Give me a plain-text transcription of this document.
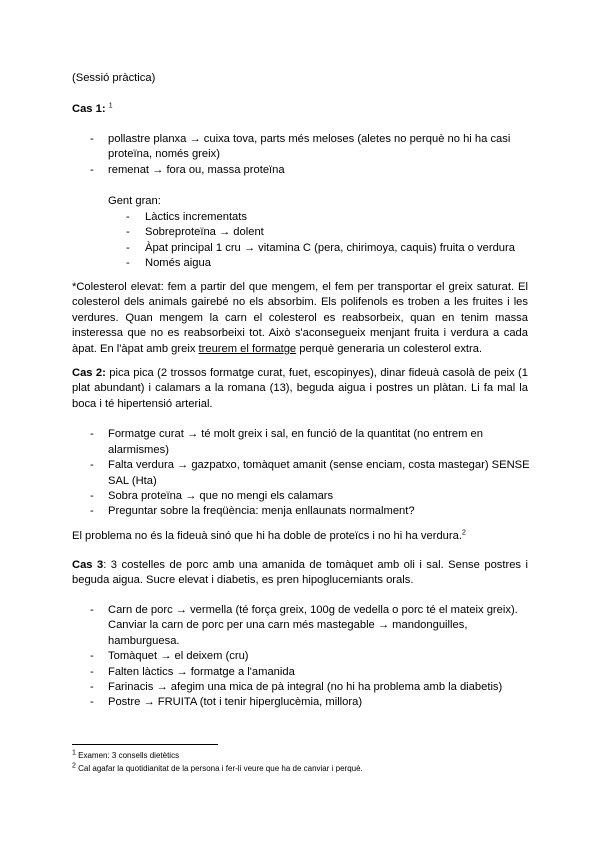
(Sessió pràctica)
Cas 1: $^1$
- pollastre planxa → cuixa tova, parts més meloses (aletes no perquè no hi ha casi
proteïna, només greix)
- remenat → fora ou, massa proteïna
Gent gran:
- Làctics incrementats
- Sobreproteïna → dolent
- Àpat principal 1 cru → vitamina C (pera, chirimoya, caquis) fruita o verdura
- Només aigua
*Colesterol elevat: fem a partir del que mengem, el fem per transportar el greix saturat. El
colesterol dels animals gairebé no els absorbim. Els polifenols es troben a les fruites i les
verdures. Quan mengem la carn el colesterol es reabsorbeix, quan en tenim massa
insteressa que no es reabsorbeixi tot. Això s'aconsegueix menjant fruita i verdura a cada
àpat. En l'àpat amb greix treurem el formatge perquè generaria un colesterol extra.
Cas 2: pica pica (2 trossos formatge curat, fuet, escopinyes), dinar fideuà casolà de peix (1
plat abundant) i calamars a la romana (13), beguda aigua i postres un plàtan. Li fa mal la
boca i té hipertensió arterial.
- Formatge curat → té molt greix i sal, en funció de la quantitat (no entrem en
alarmismes)
- Falta verdura → gazpatxo, tomàquet amanit (sense enciam, costa mastegar) SENSE
SAL (Hta)
- Sobra proteïna → que no mengi els calamars
- Preguntar sobre la freqüència: menja enllaunats normalment?
El problema no és la fideuà sinó que hi ha doble de proteïcs i no hi ha verdura.$^2$
Cas 3: 3 costelles de porc amb una amanida de tomàquet amb oli i sal. Sense postres i
beguda aigua. Sucre elevat i diabetis, es pren hipoglucemiants orals.
- Carn de porc → vermella (té força greix, 100g de vedella o porc té el mateix greix).
Canviar la carn de porc per una carn més mastegable → mandonguilles,
hamburguesa.
- Tomàquet → el deixem (cru)
- Falten làctics → formatge a l'amanida
- Farinacis → afegim una mica de pà integral (no hi ha problema amb la diabetis)
- Postre → FRUITA (tot i tenir hiperglucèmia, millora)
1 Examen: 3 consells dietètics
2 Cal agafar la quotidianitat de la persona i fer-li veure que ha de canviar i perquè.
